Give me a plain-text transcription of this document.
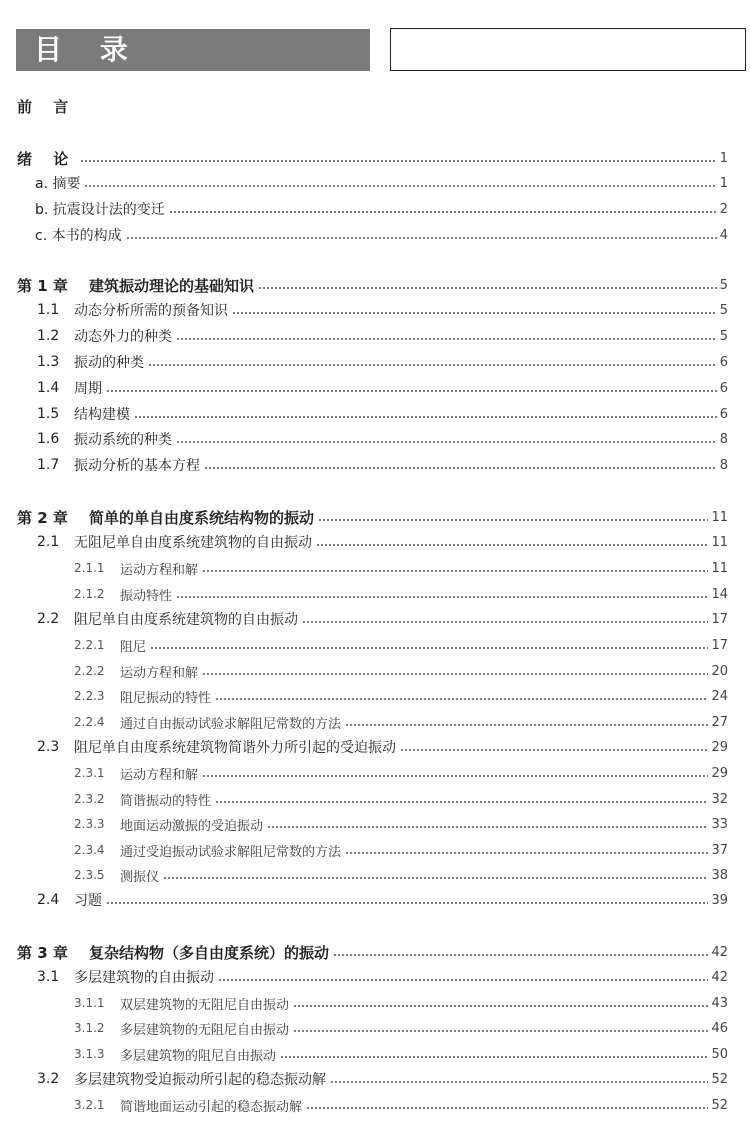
目 录
前 言
绪 论	1
a. 摘要	1
b. 抗震设计法的变迁	2
c. 本书的构成	4
第 1 章	建筑振动理论的基础知识	5
1.1	动态分析所需的预备知识	5
1.2	动态外力的种类	5
1.3	振动的种类	6
1.4	周期	6
1.5	结构建模	6
1.6	振动系统的种类	8
1.7	振动分析的基本方程	8
第 2 章	简单的单自由度系统结构物的振动	11
2.1	无阻尼单自由度系统建筑物的自由振动	11
2.1.1	运动方程和解	11
2.1.2	振动特性	14
2.2	阻尼单自由度系统建筑物的自由振动	17
2.2.1	阻尼	17
2.2.2	运动方程和解	20
2.2.3	阻尼振动的特性	24
2.2.4	通过自由振动试验求解阻尼常数的方法	27
2.3	阻尼单自由度系统建筑物简谐外力所引起的受迫振动	29
2.3.1	运动方程和解	29
2.3.2	简谐振动的特性	32
2.3.3	地面运动激振的受迫振动	33
2.3.4	通过受迫振动试验求解阻尼常数的方法	37
2.3.5	测振仪	38
2.4	习题	39
第 3 章	复杂结构物（多自由度系统）的振动	42
3.1	多层建筑物的自由振动	42
3.1.1	双层建筑物的无阻尼自由振动	43
3.1.2	多层建筑物的无阻尼自由振动	46
3.1.3	多层建筑物的阻尼自由振动	50
3.2	多层建筑物受迫振动所引起的稳态振动解	52
3.2.1	简谐地面运动引起的稳态振动解	52
